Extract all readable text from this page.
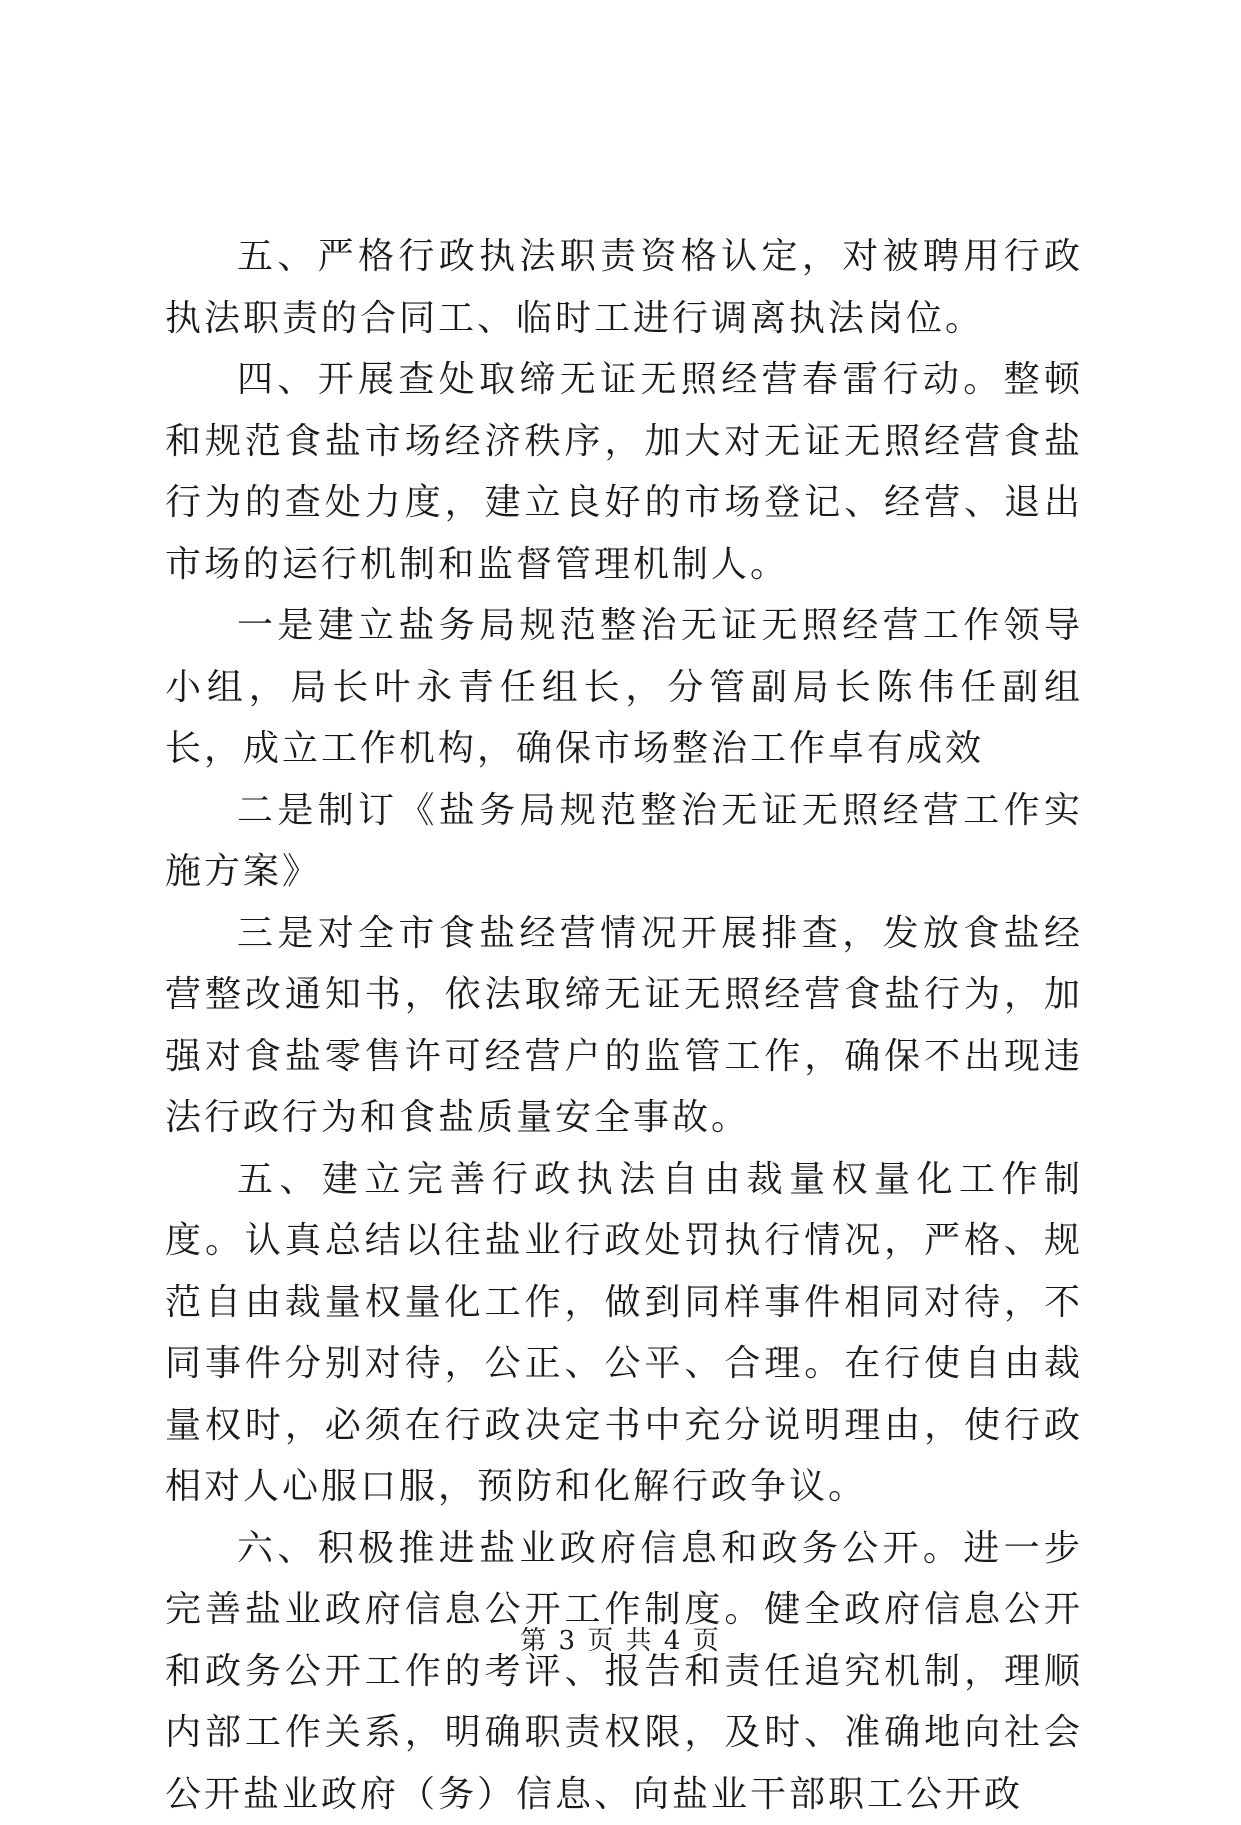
五、严格行政执法职责资格认定，对被聘用行政执法职责的合同工、临时工进行调离执法岗位。

四、开展查处取缔无证无照经营春雷行动。整顿和规范食盐市场经济秩序，加大对无证无照经营食盐行为的查处力度，建立良好的市场登记、经营、退出市场的运行机制和监督管理机制人。

一是建立盐务局规范整治无证无照经营工作领导小组，局长叶永青任组长，分管副局长陈伟任副组长，成立工作机构，确保市场整治工作卓有成效

二是制订《盐务局规范整治无证无照经营工作实施方案》

三是对全市食盐经营情况开展排查，发放食盐经营整改通知书，依法取缔无证无照经营食盐行为，加强对食盐零售许可经营户的监管工作，确保不出现违法行政行为和食盐质量安全事故。

五、建立完善行政执法自由裁量权量化工作制度。认真总结以往盐业行政处罚执行情况，严格、规范自由裁量权量化工作，做到同样事件相同对待，不同事件分别对待，公正、公平、合理。在行使自由裁量权时，必须在行政决定书中充分说明理由，使行政相对人心服口服，预防和化解行政争议。

六、积极推进盐业政府信息和政务公开。进一步完善盐业政府信息公开工作制度。健全政府信息公开和政务公开工作的考评、报告和责任追究机制，理顺内部工作关系，明确职责权限，及时、准确地向社会公开盐业政府（务）信息、向盐业干部职工公开政

第 3 页 共 4 页
